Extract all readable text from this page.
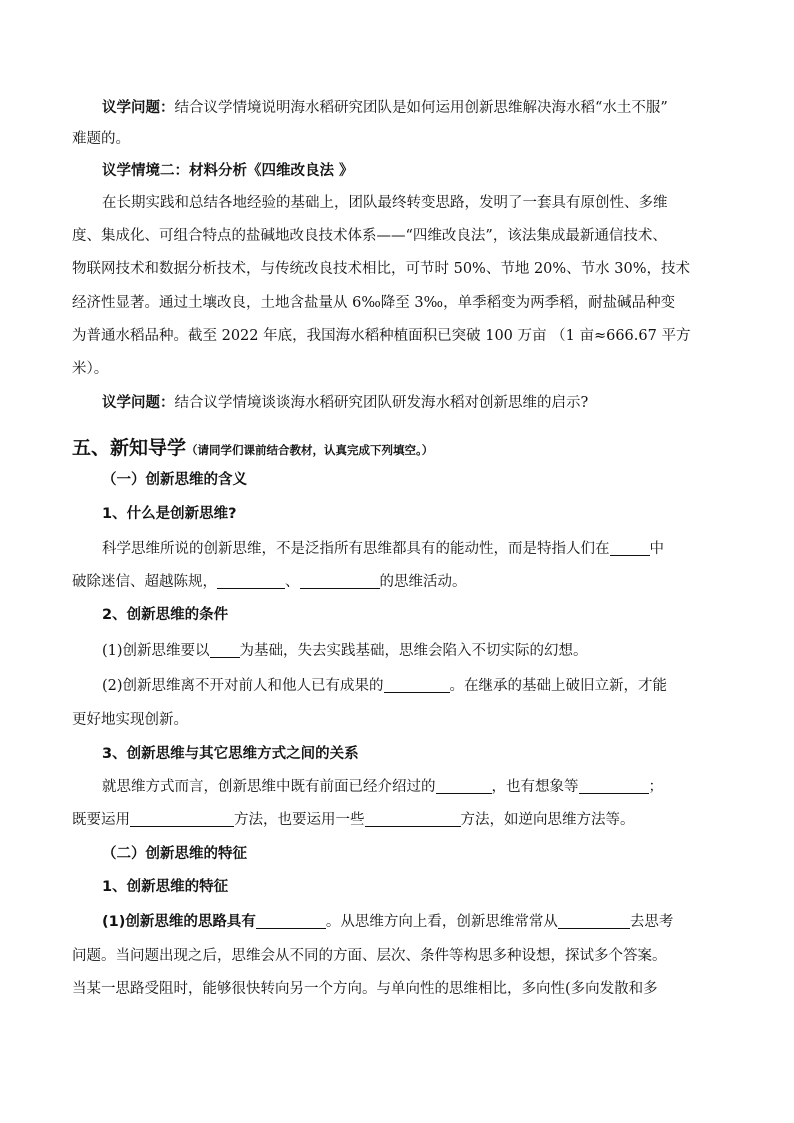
议学问题：结合议学情境说明海水稻研究团队是如何运用创新思维解决海水稻“水土不服”
难题的。
议学情境二：材料分析《四维改良法 》
在长期实践和总结各地经验的基础上，团队最终转变思路，发明了一套具有原创性、多维
度、集成化、可组合特点的盐碱地改良技术体系——“四维改良法”，该法集成最新通信技术、
物联网技术和数据分析技术，与传统改良技术相比，可节时 50%、节地 20%、节水 30%，技术
经济性显著。通过土壤改良，土地含盐量从 6‰降至 3‰，单季稻变为两季稻，耐盐碱品种变
为普通水稻品种。截至 2022 年底，我国海水稻种植面积已突破 100 万亩 （1 亩≈666.67 平方
米）。
议学问题：结合议学情境谈谈海水稻研究团队研发海水稻对创新思维的启示?
五、新知导学（请同学们课前结合教材，认真完成下列填空。）
（一）创新思维的含义
1、什么是创新思维?
科学思维所说的创新思维，不是泛指所有思维都具有的能动性，而是特指人们在	中
破除迷信、超越陈规，	、	的思维活动。
2、创新思维的条件
(1)创新思维要以 为基础，失去实践基础，思维会陷入不切实际的幻想。
(2)创新思维离不开对前人和他人已有成果的	。在继承的基础上破旧立新，才能
更好地实现创新。
3、创新思维与其它思维方式之间的关系
就思维方式而言，创新思维中既有前面已经介绍过的	，也有想象等	；
既要运用	方法，也要运用一些	方法，如逆向思维方法等。
（二）创新思维的特征
1、创新思维的特征
(1)创新思维的思路具有	。从思维方向上看，创新思维常常从	去思考
问题。当问题出现之后，思维会从不同的方面、层次、条件等构思多种设想，探试多个答案。
当某一思路受阻时，能够很快转向另一个方向。与单向性的思维相比，多向性(多向发散和多
